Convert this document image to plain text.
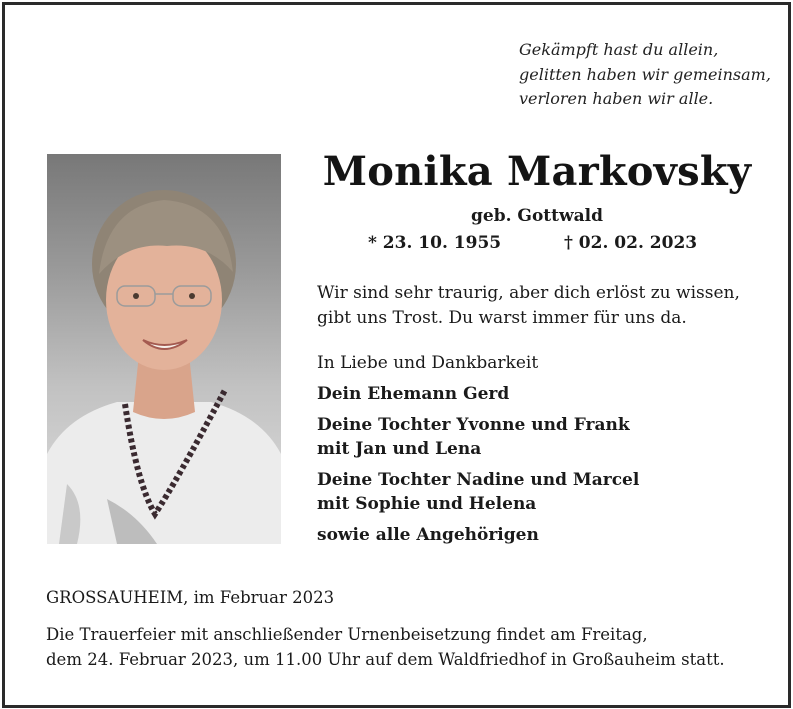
Gekämpft hast du allein,
gelitten haben wir gemeinsam,
verloren haben wir alle.
Monika Markovsky
geb. Gottwald
* 23. 10. 1955	† 02. 02. 2023
Wir sind sehr traurig, aber dich erlöst zu wissen,
gibt uns Trost. Du warst immer für uns da.
In Liebe und Dankbarkeit
Dein Ehemann Gerd
Deine Tochter Yvonne und Frank
mit Jan und Lena
Deine Tochter Nadine und Marcel
mit Sophie und Helena
sowie alle Angehörigen
GROSSAUHEIM, im Februar 2023
Die Trauerfeier mit anschließender Urnenbeisetzung findet am Freitag,
dem 24. Februar 2023, um 11.00 Uhr auf dem Waldfriedhof in Großauheim statt.
